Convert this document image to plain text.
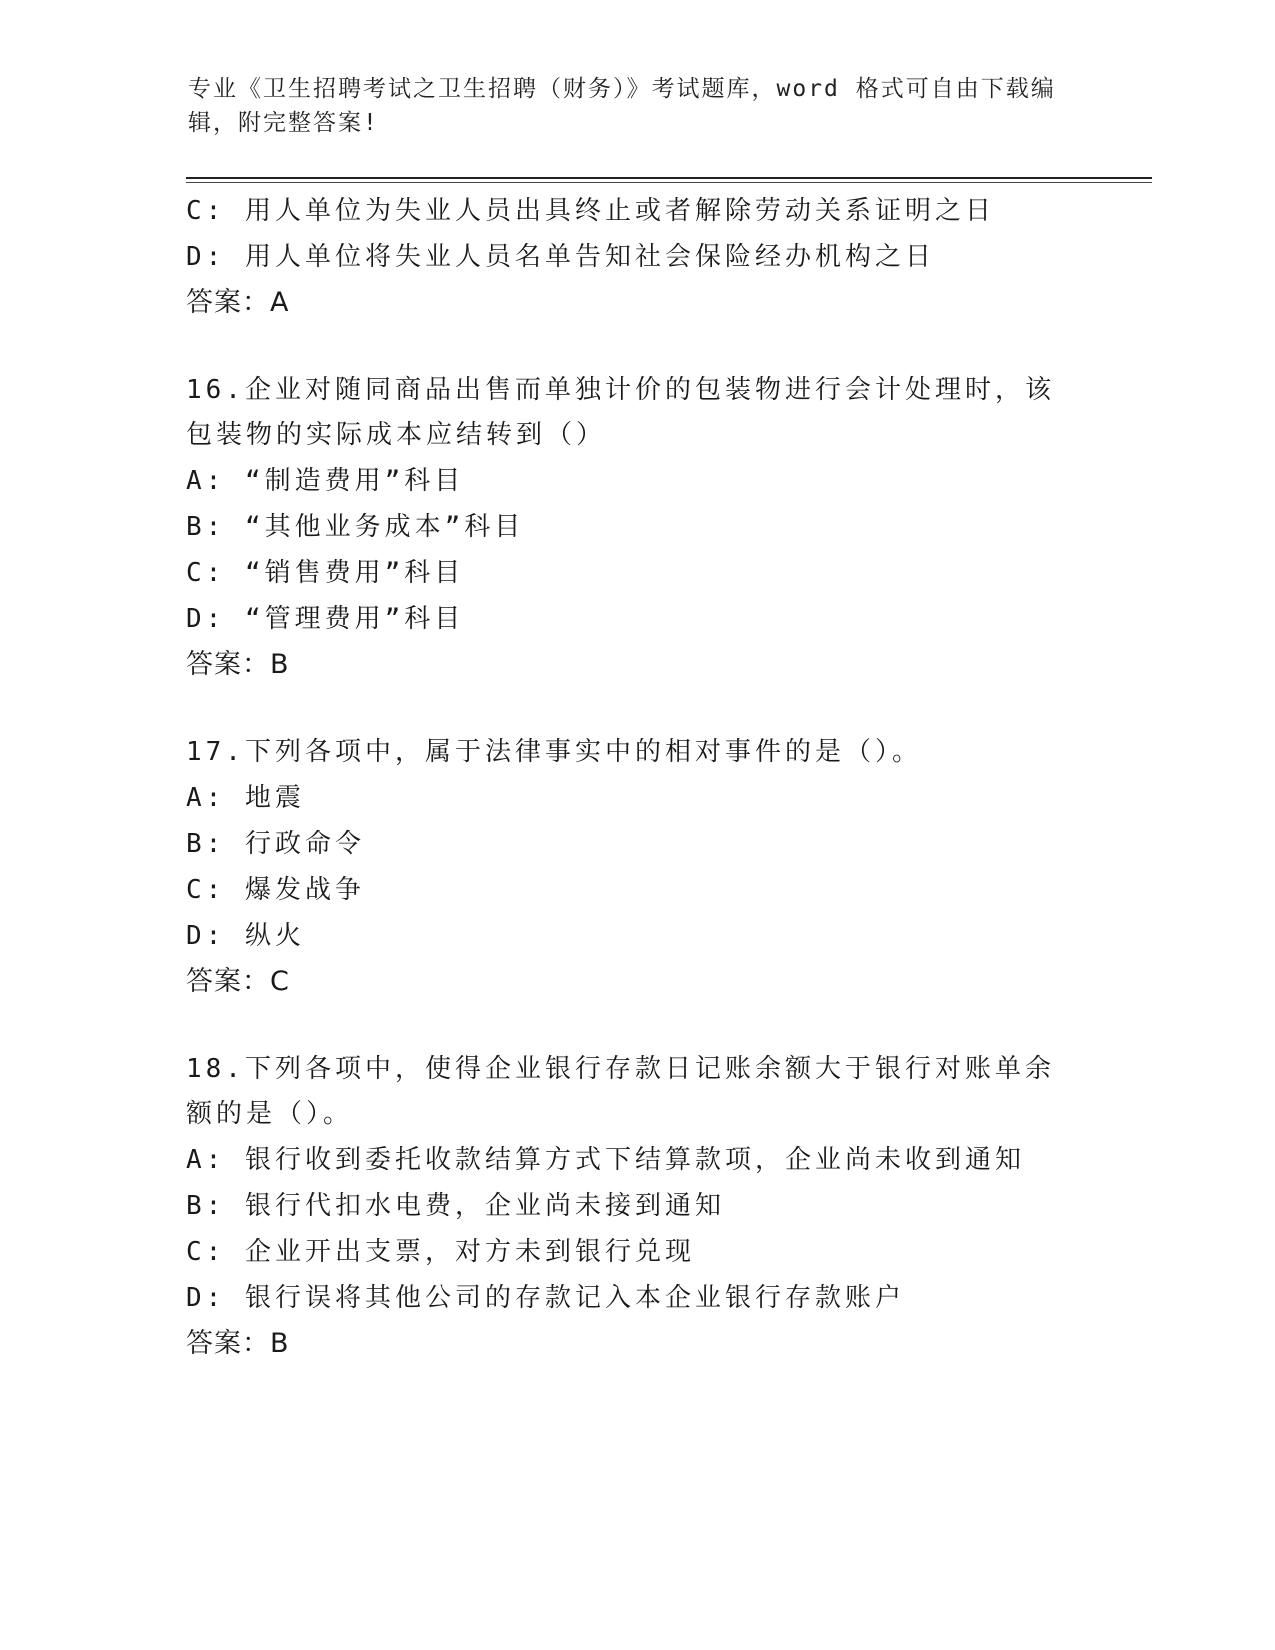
专业《卫生招聘考试之卫生招聘（财务）》考试题库，word 格式可自由下载编辑，附完整答案!
C: 用人单位为失业人员出具终止或者解除劳动关系证明之日
D: 用人单位将失业人员名单告知社会保险经办机构之日
答案：A
16.企业对随同商品出售而单独计价的包装物进行会计处理时，该包装物的实际成本应结转到（）
A: “制造费用”科目
B: “其他业务成本”科目
C: “销售费用”科目
D: “管理费用”科目
答案：B
17.下列各项中，属于法律事实中的相对事件的是（）。
A: 地震
B: 行政命令
C: 爆发战争
D: 纵火
答案：C
18.下列各项中，使得企业银行存款日记账余额大于银行对账单余额的是（）。
A: 银行收到委托收款结算方式下结算款项，企业尚未收到通知
B: 银行代扣水电费，企业尚未接到通知
C: 企业开出支票，对方未到银行兑现
D: 银行误将其他公司的存款记入本企业银行存款账户
答案：B
